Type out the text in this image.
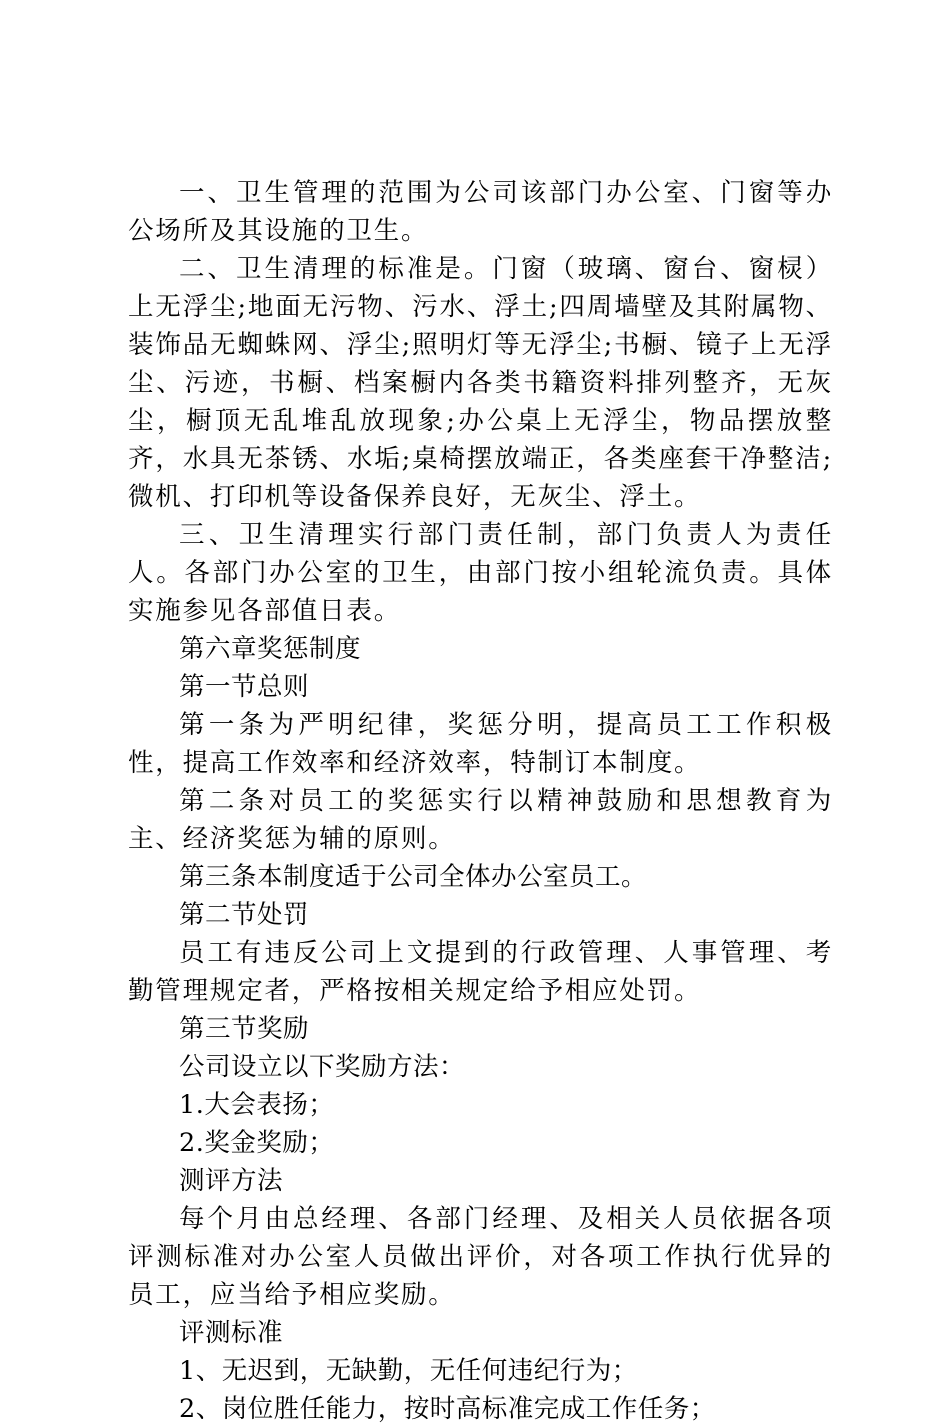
一、卫生管理的范围为公司该部门办公室、门窗等办公场所及其设施的卫生。

二、卫生清理的标准是。门窗（玻璃、窗台、窗棂）上无浮尘;地面无污物、污水、浮土;四周墙壁及其附属物、装饰品无蜘蛛网、浮尘;照明灯等无浮尘;书橱、镜子上无浮尘、污迹，书橱、档案橱内各类书籍资料排列整齐，无灰尘，橱顶无乱堆乱放现象;办公桌上无浮尘，物品摆放整齐，水具无茶锈、水垢;桌椅摆放端正，各类座套干净整洁;微机、打印机等设备保养良好，无灰尘、浮土。

三、卫生清理实行部门责任制，部门负责人为责任人。各部门办公室的卫生，由部门按小组轮流负责。具体实施参见各部值日表。

第六章奖惩制度

第一节总则

第一条为严明纪律，奖惩分明，提高员工工作积极性，提高工作效率和经济效率，特制订本制度。

第二条对员工的奖惩实行以精神鼓励和思想教育为主、经济奖惩为辅的原则。

第三条本制度适于公司全体办公室员工。

第二节处罚

员工有违反公司上文提到的行政管理、人事管理、考勤管理规定者，严格按相关规定给予相应处罚。

第三节奖励

公司设立以下奖励方法：

1.大会表扬；

2.奖金奖励；

测评方法

每个月由总经理、各部门经理、及相关人员依据各项评测标准对办公室人员做出评价，对各项工作执行优异的员工，应当给予相应奖励。

评测标准

1、无迟到，无缺勤，无任何违纪行为；

2、岗位胜任能力，按时高标准完成工作任务；
